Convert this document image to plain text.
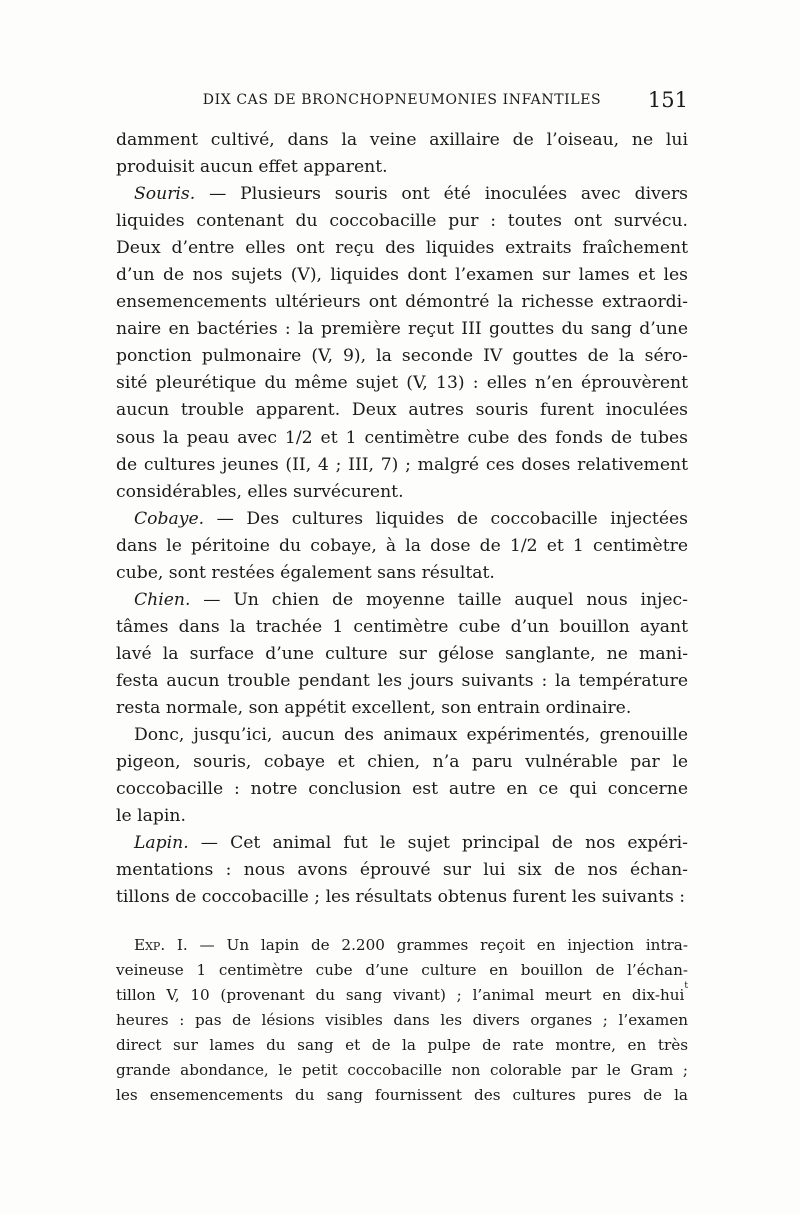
DIX CAS DE BRONCHOPNEUMONIES INFANTILES	151
damment cultivé, dans la veine axillaire de l’oiseau, ne lui
produisit aucun effet apparent.
Souris. — Plusieurs souris ont été inoculées avec divers
liquides contenant du coccobacille pur : toutes ont survécu.
Deux d’entre elles ont reçu des liquides extraits fraîchement
d’un de nos sujets (V), liquides dont l’examen sur lames et les
ensemencements ultérieurs ont démontré la richesse extraordi-
naire en bactéries : la première reçut III gouttes du sang d’une
ponction pulmonaire (V, 9), la seconde IV gouttes de la séro-
sité pleurétique du même sujet (V, 13) : elles n’en éprouvèrent
aucun trouble apparent. Deux autres souris furent inoculées
sous la peau avec 1/2 et 1 centimètre cube des fonds de tubes
de cultures jeunes (II, 4 ; III, 7) ; malgré ces doses relativement
considérables, elles survécurent.
Cobaye. — Des cultures liquides de coccobacille injectées
dans le péritoine du cobaye, à la dose de 1/2 et 1 centimètre
cube, sont restées également sans résultat.
Chien. — Un chien de moyenne taille auquel nous injec-
tâmes dans la trachée 1 centimètre cube d’un bouillon ayant
lavé la surface d’une culture sur gélose sanglante, ne mani-
festa aucun trouble pendant les jours suivants : la température
resta normale, son appétit excellent, son entrain ordinaire.
Donc, jusqu’ici, aucun des animaux expérimentés, grenouille
pigeon, souris, cobaye et chien, n’a paru vulnérable par le
coccobacille : notre conclusion est autre en ce qui concerne
le lapin.
Lapin. — Cet animal fut le sujet principal de nos expéri-
mentations : nous avons éprouvé sur lui six de nos échan-
tillons de coccobacille ; les résultats obtenus furent les suivants :
Exp. I. — Un lapin de 2.200 grammes reçoit en injection intra-
veineuse 1 centimètre cube d’une culture en bouillon de l’échan-
tillon V, 10 (provenant du sang vivant) ; l’animal meurt en dix-hui$^t$
heures : pas de lésions visibles dans les divers organes ; l’examen
direct sur lames du sang et de la pulpe de rate montre, en très
grande abondance, le petit coccobacille non colorable par le Gram ;
les ensemencements du sang fournissent des cultures pures de la
